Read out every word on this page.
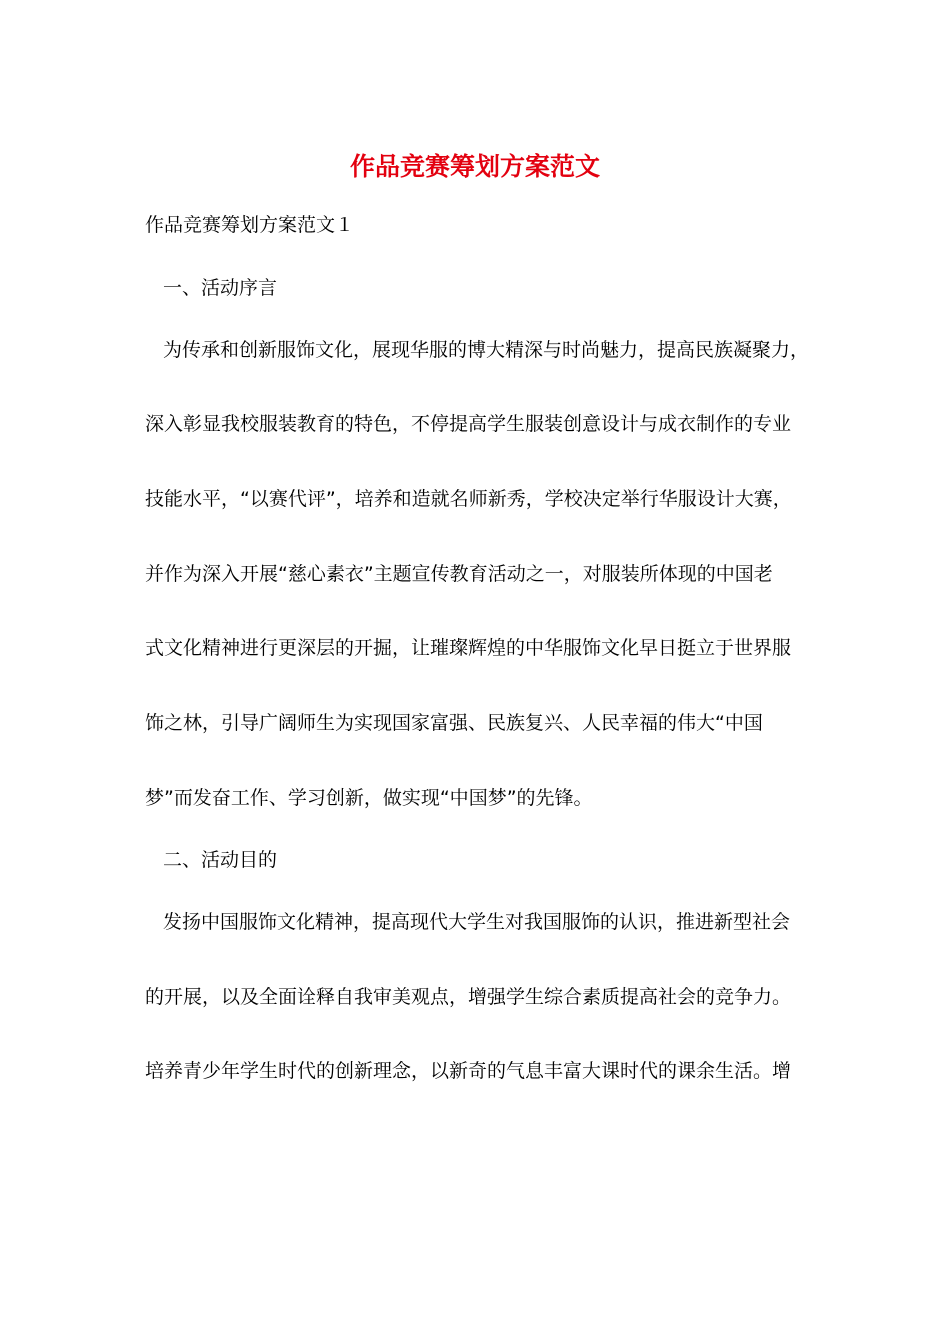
作品竞赛筹划方案范文
作品竞赛筹划方案范文１
一、活动序言
为传承和创新服饰文化，展现华服的博大精深与时尚魅力，提高民族凝聚力，
深入彰显我校服装教育的特色，不停提高学生服装创意设计与成衣制作的专业
技能水平，“以赛代评”，培养和造就名师新秀，学校决定举行华服设计大赛，
并作为深入开展“慈心素衣”主题宣传教育活动之一，对服装所体现的中国老
式文化精神进行更深层的开掘，让璀璨辉煌的中华服饰文化早日挺立于世界服
饰之林，引导广阔师生为实现国家富强、民族复兴、人民幸福的伟大“中国
梦”而发奋工作、学习创新，做实现“中国梦”的先锋。
二、活动目的
发扬中国服饰文化精神，提高现代大学生对我国服饰的认识，推进新型社会
的开展，以及全面诠释自我审美观点，增强学生综合素质提高社会的竞争力。
培养青少年学生时代的创新理念，以新奇的气息丰富大课时代的课余生活。增
